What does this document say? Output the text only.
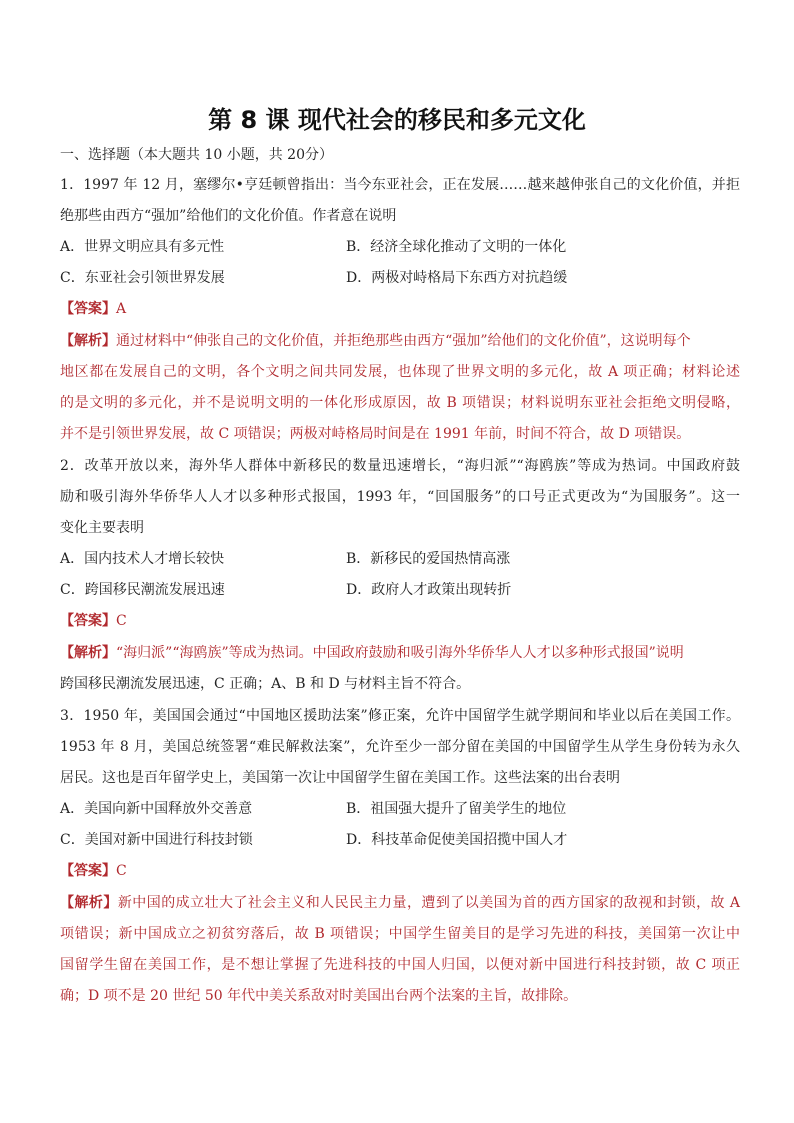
第 8 课 现代社会的移民和多元文化
一、选择题（本大题共 10 小题，共 20分）
1．1997 年 12 月，塞缪尔•亨廷顿曾指出：当今东亚社会，正在发展……越来越伸张自己的文化价值，并拒
绝那些由西方“强加”给他们的文化价值。作者意在说明
A．世界文明应具有多元性	B．经济全球化推动了文明的一体化
C．东亚社会引领世界发展	D．两极对峙格局下东西方对抗趋缓
【答案】A
【解析】通过材料中“伸张自己的文化价值，并拒绝那些由西方“强加”给他们的文化价值”，这说明每个
地区都在发展自己的文明，各个文明之间共同发展，也体现了世界文明的多元化，故 A 项正确；材料论述
的是文明的多元化，并不是说明文明的一体化形成原因，故 B 项错误；材料说明东亚社会拒绝文明侵略，
并不是引领世界发展，故 C 项错误；两极对峙格局时间是在 1991 年前，时间不符合，故 D 项错误。
2．改革开放以来，海外华人群体中新移民的数量迅速增长，“海归派”“海鸥族”等成为热词。中国政府鼓
励和吸引海外华侨华人人才以多种形式报国，1993 年，“回国服务”的口号正式更改为“为国服务”。这一
变化主要表明
A．国内技术人才增长较快	B．新移民的爱国热情高涨
C．跨国移民潮流发展迅速	D．政府人才政策出现转折
【答案】C
【解析】“海归派”“海鸥族”等成为热词。中国政府鼓励和吸引海外华侨华人人才以多种形式报国”说明
跨国移民潮流发展迅速，C 正确；A、B 和 D 与材料主旨不符合。
3．1950 年，美国国会通过“中国地区援助法案”修正案，允许中国留学生就学期间和毕业以后在美国工作。
1953 年 8 月，美国总统签署“难民解救法案”，允许至少一部分留在美国的中国留学生从学生身份转为永久
居民。这也是百年留学史上，美国第一次让中国留学生留在美国工作。这些法案的出台表明
A．美国向新中国释放外交善意	B．祖国强大提升了留美学生的地位
C．美国对新中国进行科技封锁	D．科技革命促使美国招揽中国人才
【答案】C
【解析】新中国的成立壮大了社会主义和人民民主力量，遭到了以美国为首的西方国家的敌视和封锁，故 A
项错误；新中国成立之初贫穷落后，故 B 项错误；中国学生留美目的是学习先进的科技，美国第一次让中
国留学生留在美国工作，是不想让掌握了先进科技的中国人归国，以便对新中国进行科技封锁，故 C 项正
确；D 项不是 20 世纪 50 年代中美关系敌对时美国出台两个法案的主旨，故排除。
